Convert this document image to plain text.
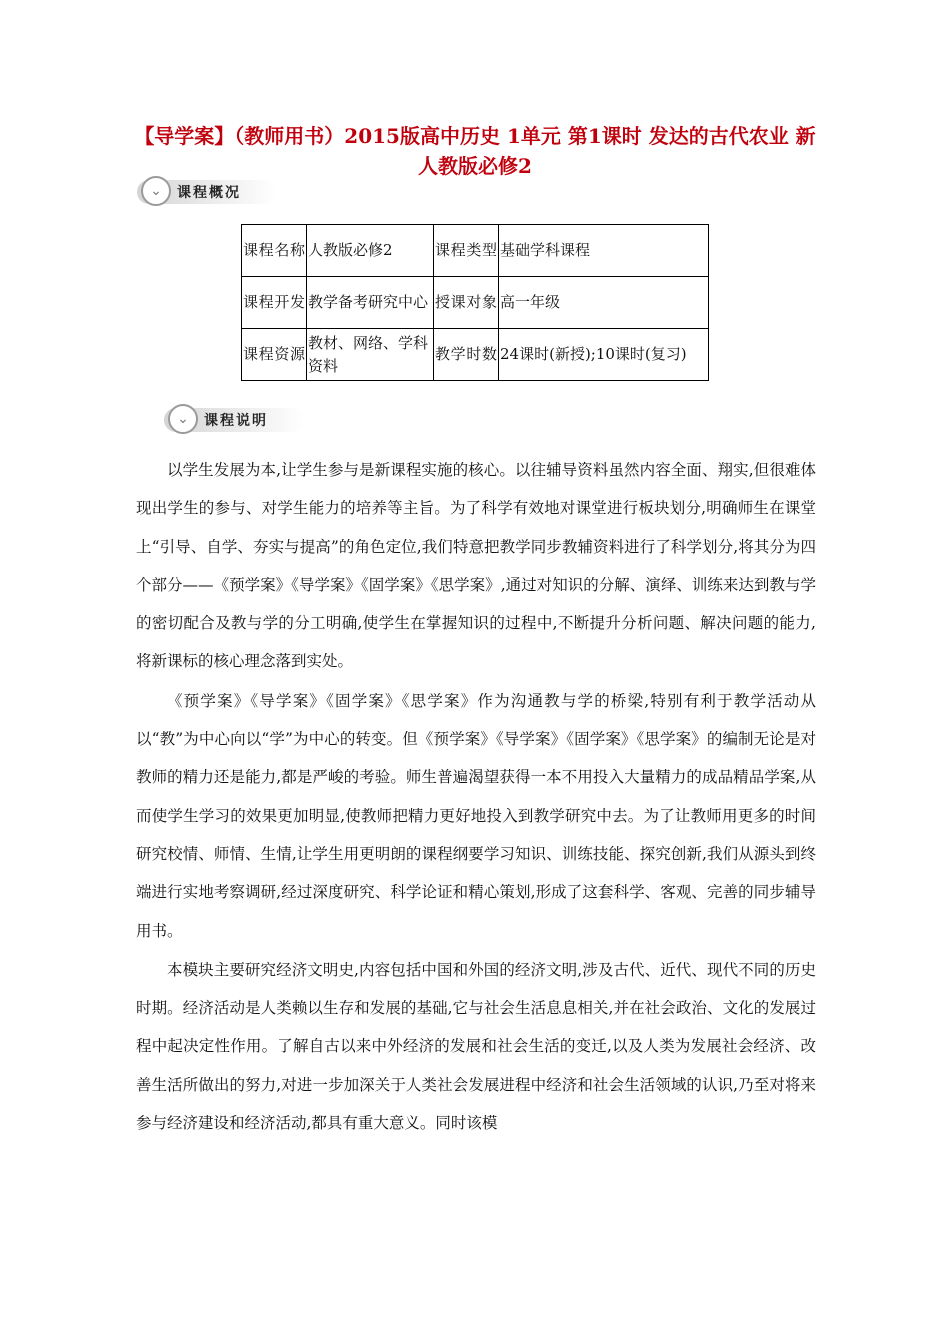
【导学案】（教师用书）2015版高中历史 1单元 第1课时 发达的古代农业 新人教版必修2
⌄	课程概况
课程名称	人教版必修2	课程类型	基础学科课程
课程开发	教学备考研究中心	授课对象	高一年级
课程资源	教材、网络、学科资料	教学时数	24课时(新授);10课时(复习)
⌄	课程说明

以学生发展为本,让学生参与是新课程实施的核心。以往辅导资料虽然内容全面、翔实,但很难体现出学生的参与、对学生能力的培养等主旨。为了科学有效地对课堂进行板块划分,明确师生在课堂上“引导、自学、夯实与提高”的角色定位,我们特意把教学同步教辅资料进行了科学划分,将其分为四个部分——《预学案》《导学案》《固学案》《思学案》,通过对知识的分解、演绎、训练来达到教与学的密切配合及教与学的分工明确,使学生在掌握知识的过程中,不断提升分析问题、解决问题的能力,将新课标的核心理念落到实处。

《预学案》《导学案》《固学案》《思学案》作为沟通教与学的桥梁,特别有利于教学活动从以“教”为中心向以“学”为中心的转变。但《预学案》《导学案》《固学案》《思学案》的编制无论是对教师的精力还是能力,都是严峻的考验。师生普遍渴望获得一本不用投入大量精力的成品精品学案,从而使学生学习的效果更加明显,使教师把精力更好地投入到教学研究中去。为了让教师用更多的时间研究校情、师情、生情,让学生用更明朗的课程纲要学习知识、训练技能、探究创新,我们从源头到终端进行实地考察调研,经过深度研究、科学论证和精心策划,形成了这套科学、客观、完善的同步辅导用书。

本模块主要研究经济文明史,内容包括中国和外国的经济文明,涉及古代、近代、现代不同的历史时期。经济活动是人类赖以生存和发展的基础,它与社会生活息息相关,并在社会政治、文化的发展过程中起决定性作用。了解自古以来中外经济的发展和社会生活的变迁,以及人类为发展社会经济、改善生活所做出的努力,对进一步加深关于人类社会发展进程中经济和社会生活领域的认识,乃至对将来参与经济建设和经济活动,都具有重大意义。同时该模
